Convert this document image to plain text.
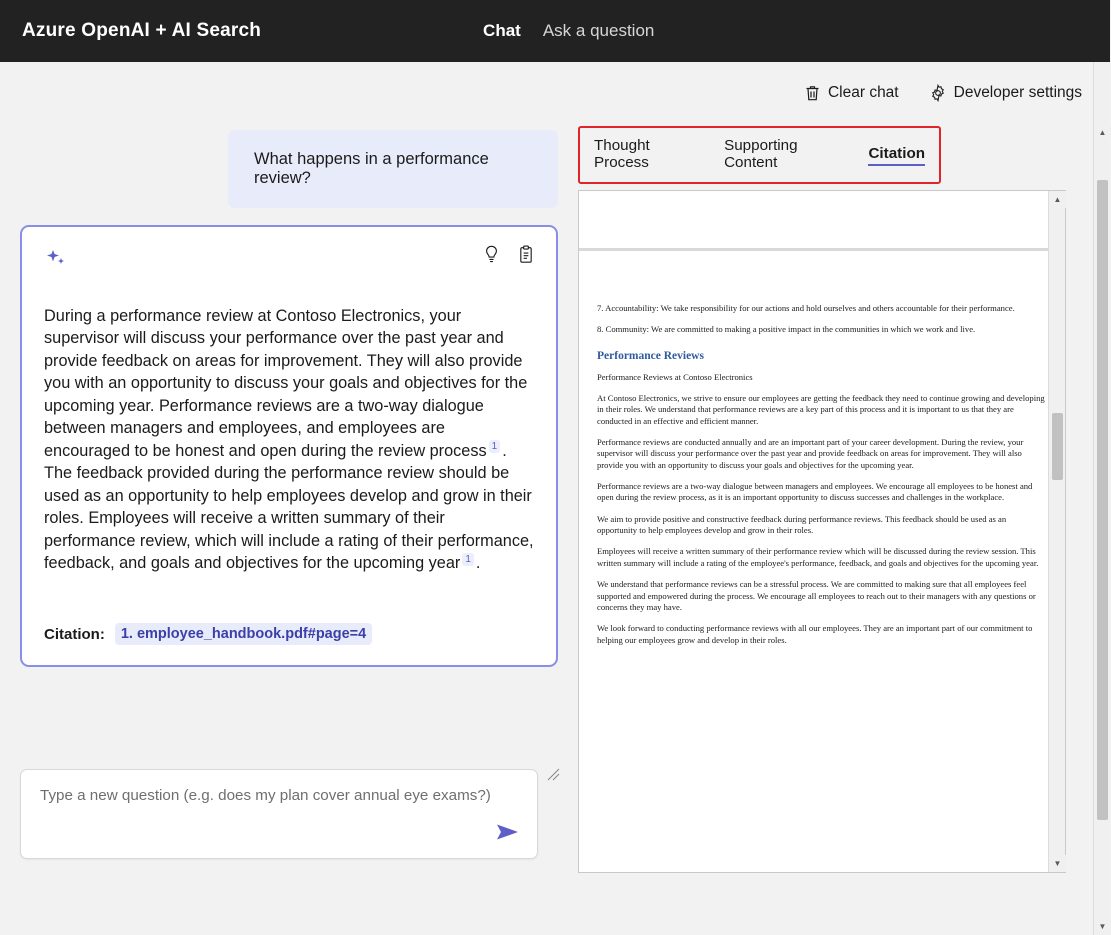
Azure OpenAI + AI Search	Chat Ask a question
Clear chat	Developer settings
What happens in a performance review?
During a performance review at Contoso Electronics, your supervisor will discuss your performance over the past year and provide feedback on areas for improvement. They will also provide you with an opportunity to discuss your goals and objectives for the upcoming year. Performance reviews are a two-way dialogue between managers and employees, and employees are encouraged to be honest and open during the review process $^1$ . The feedback provided during the performance review should be used as an opportunity to help employees develop and grow in their roles. Employees will receive a written summary of their performance review, which will include a rating of their performance, feedback, and goals and objectives for the upcoming year $^1$ .
Citation:	1. employee_handbook.pdf#page=4
Type a new question (e.g. does my plan cover annual eye exams?)
Thought Process
Supporting Content
Citation

7. Accountability: We take responsibility for our actions and hold ourselves and others accountable for their performance.

8. Community: We are committed to making a positive impact in the communities in which we work and live.

Performance Reviews

Performance Reviews at Contoso Electronics

At Contoso Electronics, we strive to ensure our employees are getting the feedback they need to continue growing and developing in their roles. We understand that performance reviews are a key part of this process and it is important to us that they are conducted in an effective and efficient manner.

Performance reviews are conducted annually and are an important part of your career development. During the review, your supervisor will discuss your performance over the past year and provide feedback on areas for improvement. They will also provide you with an opportunity to discuss your goals and objectives for the upcoming year.

Performance reviews are a two-way dialogue between managers and employees. We encourage all employees to be honest and open during the review process, as it is an important opportunity to discuss successes and challenges in the workplace.

We aim to provide positive and constructive feedback during performance reviews. This feedback should be used as an opportunity to help employees develop and grow in their roles.

Employees will receive a written summary of their performance review which will be discussed during the review session. This written summary will include a rating of the employee's performance, feedback, and goals and objectives for the upcoming year.

We understand that performance reviews can be a stressful process. We are committed to making sure that all employees feel supported and empowered during the process. We encourage all employees to reach out to their managers with any questions or concerns they may have.

We look forward to conducting performance reviews with all our employees. They are an important part of our commitment to helping our employees grow and develop in their roles.

▲
▼
▲
▼
